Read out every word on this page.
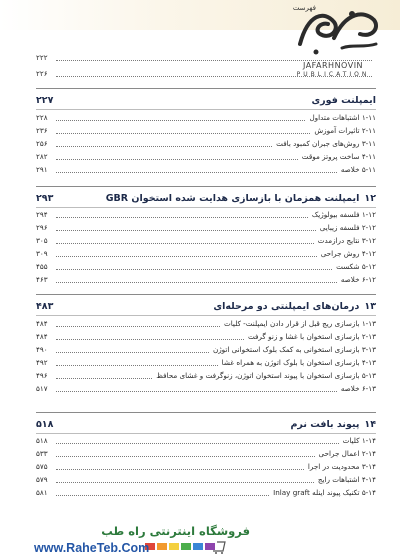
فهرست
JAFARHNOVIN
PUBLICATION
۲۲۲
۲۲۶
ایمپلنت فوری
۲۲۷
۱-۱۱ اشتباهات متداول
۲۲۸
۲-۱۱ تاثیرات آموزش
۲۳۶
۳-۱۱ روش‌های جبران کمبود بافت
۲۵۶
۴-۱۱ ساخت پروتز موقت
۲۸۲
۵-۱۱ خلاصه
۲۹۱
۱۲
ایمپلنت همزمان با بازسازی هدایت شده استخوان GBR
۲۹۳
۱-۱۲ فلسفه بیولوژیک
۲۹۴
۲-۱۲ فلسفه زیبایی
۲۹۶
۳-۱۲ نتایج درازمدت
۳۰۵
۴-۱۲ روش جراحی
۳۰۹
۵-۱۲ شکست
۴۵۵
۶-۱۲ خلاصه
۴۶۳
۱۳
درمان‌های ایمپلنتی دو مرحله‌ای
۴۸۳
۱-۱۳ بازسازی ریج قبل از قرار دادن ایمپلنت- کلیات
۴۸۴
۲-۱۳ بازسازی استخوان با غشا و زنو گرفت
۴۸۴
۳-۱۳ بازسازی استخوانی به کمک بلوک استخوانی اتوژن
۴۹۰
۴-۱۳ بازسازی استخوان با بلوک اتوژن به همراه غشا
۴۹۲
۵-۱۳ بازسازی استخوان با پیوند استخوان اتوژن، زنوگرفت و غشای محافظ
۴۹۶
۶-۱۳ خلاصه
۵۱۷
۱۴
پیوند بافت نرم
۵۱۸
۱-۱۴ کلیات
۵۱۸
۲-۱۴ اعمال جراحی
۵۳۳
۳-۱۴ محدودیت در اجرا
۵۷۵
۴-۱۴ اشتباهات رایج
۵۷۹
۵-۱۴ تکنیک پیوند اینله Inlay graft
۵۸۱
فروشگاه اینترنتی راه طب
www.RaheTeb.Com
